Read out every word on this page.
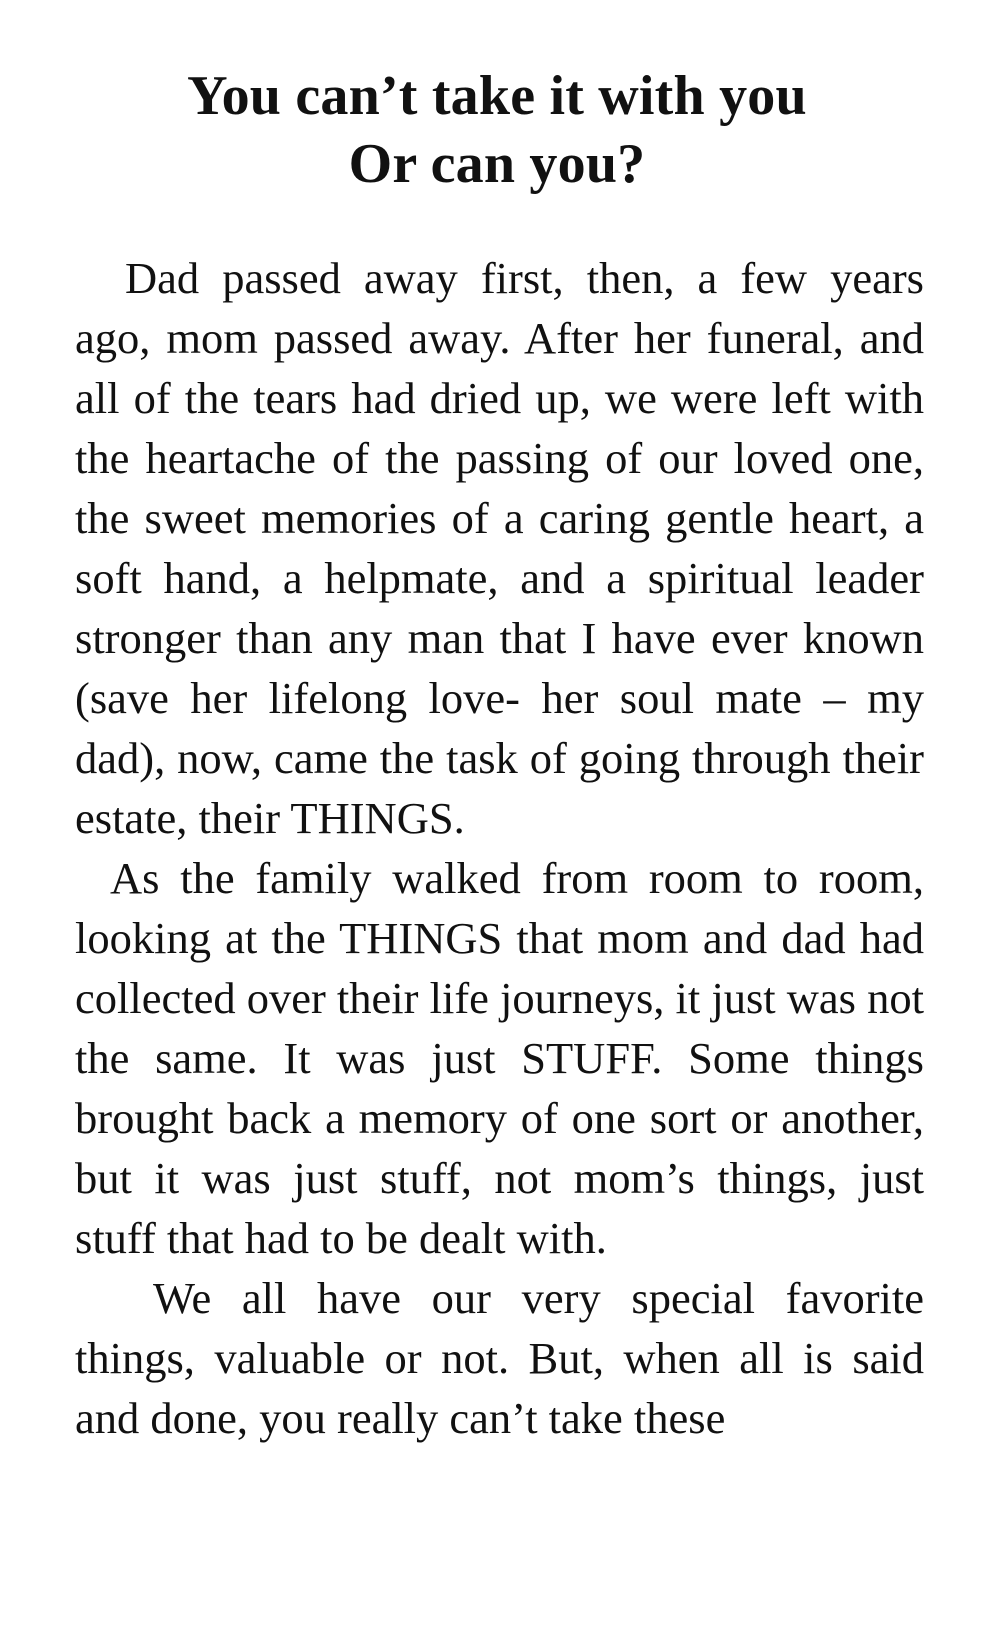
You can’t take it with you
Or can you?

Dad passed away first, then, a few years ago, mom passed away. After her funeral, and all of the tears had dried up, we were left with the heartache of the passing of our loved one, the sweet memories of a caring gentle heart, a soft hand, a helpmate, and a spiritual leader stronger than any man that I have ever known (save her lifelong love- her soul mate – my dad), now, came the task of going through their estate, their THINGS.

As the family walked from room to room, looking at the THINGS that mom and dad had collected over their life journeys, it just was not the same. It was just STUFF. Some things brought back a memory of one sort or another, but it was just stuff, not mom’s things, just stuff that had to be dealt with.

We all have our very special favorite things, valuable or not. But, when all is said and done, you really can’t take these
